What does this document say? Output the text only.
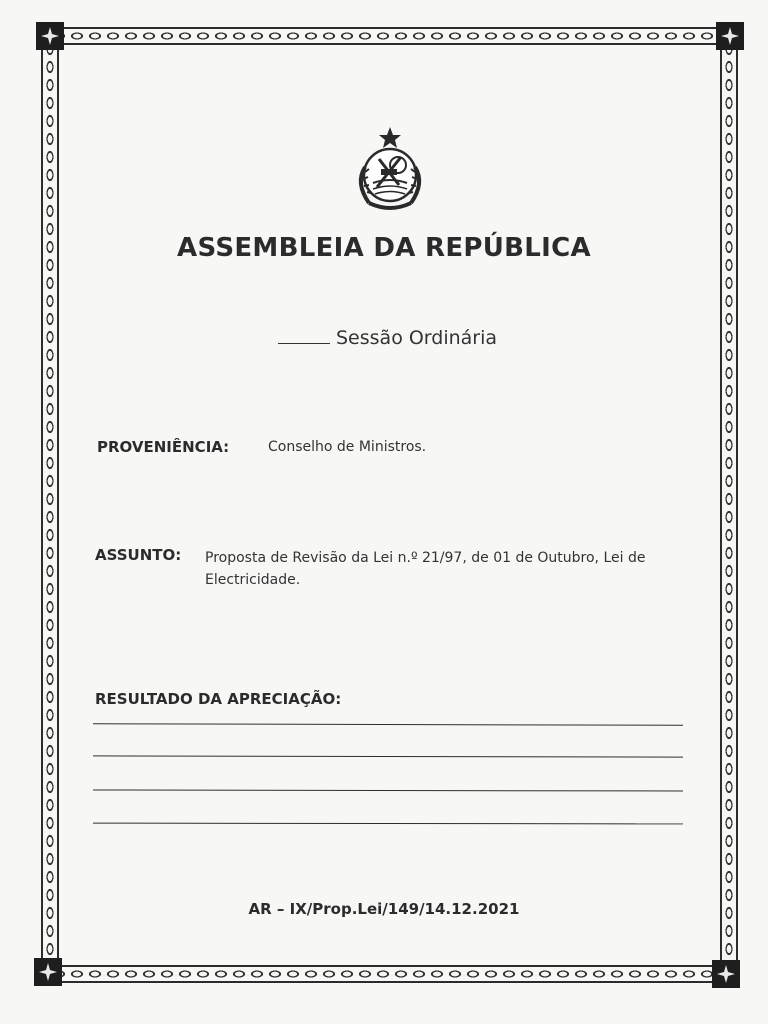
ASSEMBLEIA DA REPÚBLICA
Sessão Ordinária
PROVENIÊNCIA:	Conselho de Ministros.
ASSUNTO: Proposta de Revisão da Lei n.º 21/97, de 01 de Outubro, Lei de Electricidade.
RESULTADO DA APRECIAÇÃO:
AR – IX/Prop.Lei/149/14.12.2021
